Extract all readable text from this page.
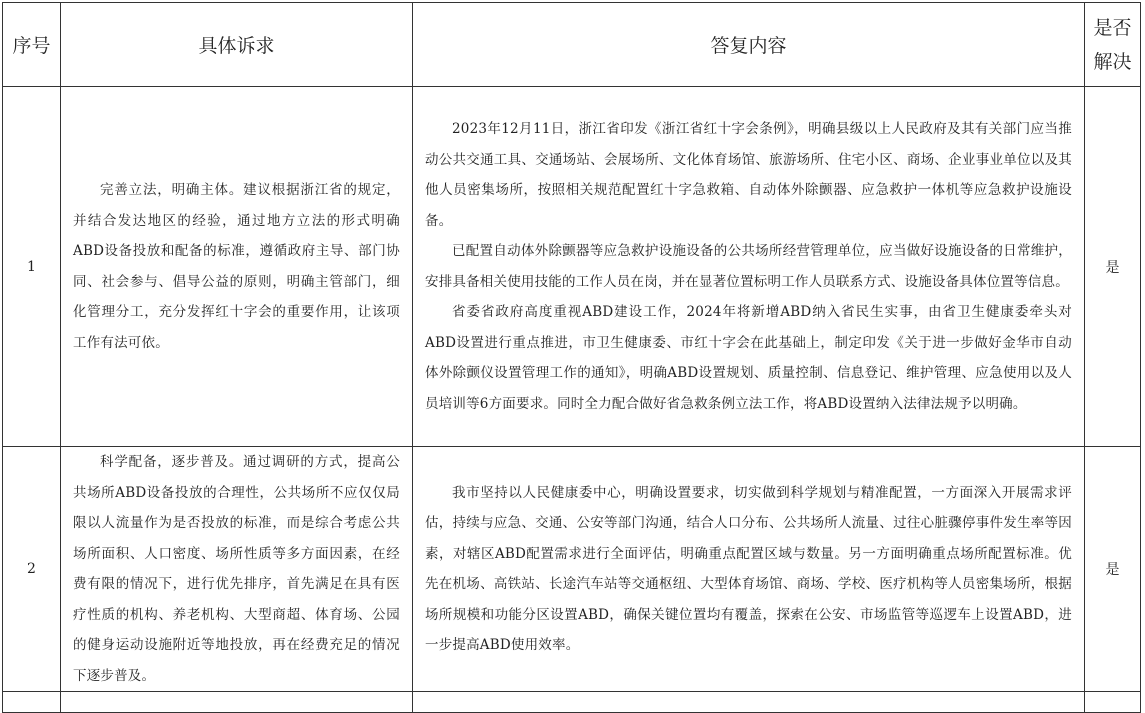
序号	具体诉求	答复内容	是否
解决
1	完善立法，明确主体。建议根据浙江省的规定，并结合发达地区的经验，通过地方立法的形式明确ABD设备投放和配备的标准，遵循政府主导、部门协同、社会参与、倡导公益的原则，明确主管部门，细化管理分工，充分发挥红十字会的重要作用，让该项工作有法可依。	2023年12月11日，浙江省印发《浙江省红十字会条例》，明确县级以上人民政府及其有关部门应当推动公共交通工具、交通场站、会展场所、文化体育场馆、旅游场所、住宅小区、商场、企业事业单位以及其他人员密集场所，按照相关规范配置红十字急救箱、自动体外除颤器、应急救护一体机等应急救护设施设备。

已配置自动体外除颤器等应急救护设施设备的公共场所经营管理单位，应当做好设施设备的日常维护，安排具备相关使用技能的工作人员在岗，并在显著位置标明工作人员联系方式、设施设备具体位置等信息。

省委省政府高度重视ABD建设工作，2024年将新增ABD纳入省民生实事，由省卫生健康委牵头对ABD设置进行重点推进，市卫生健康委、市红十字会在此基础上，制定印发《关于进一步做好金华市自动体外除颤仪设置管理工作的通知》，明确ABD设置规划、质量控制、信息登记、维护管理、应急使用以及人员培训等6方面要求。同时全力配合做好省急救条例立法工作，将ABD设置纳入法律法规予以明确。	是
2	科学配备，逐步普及。通过调研的方式，提高公共场所ABD设备投放的合理性，公共场所不应仅仅局限以人流量作为是否投放的标准，而是综合考虑公共场所面积、人口密度、场所性质等多方面因素，在经费有限的情况下，进行优先排序，首先满足在具有医疗性质的机构、养老机构、大型商超、体育场、公园的健身运动设施附近等地投放，再在经费充足的情况下逐步普及。	我市坚持以人民健康委中心，明确设置要求，切实做到科学规划与精准配置，一方面深入开展需求评估，持续与应急、交通、公安等部门沟通，结合人口分布、公共场所人流量、过往心脏骤停事件发生率等因素，对辖区ABD配置需求进行全面评估，明确重点配置区域与数量。另一方面明确重点场所配置标准。优先在机场、高铁站、长途汽车站等交通枢纽、大型体育场馆、商场、学校、医疗机构等人员密集场所，根据场所规模和功能分区设置ABD，确保关键位置均有覆盖，探索在公安、市场监管等巡逻车上设置ABD，进一步提高ABD使用效率。	是
